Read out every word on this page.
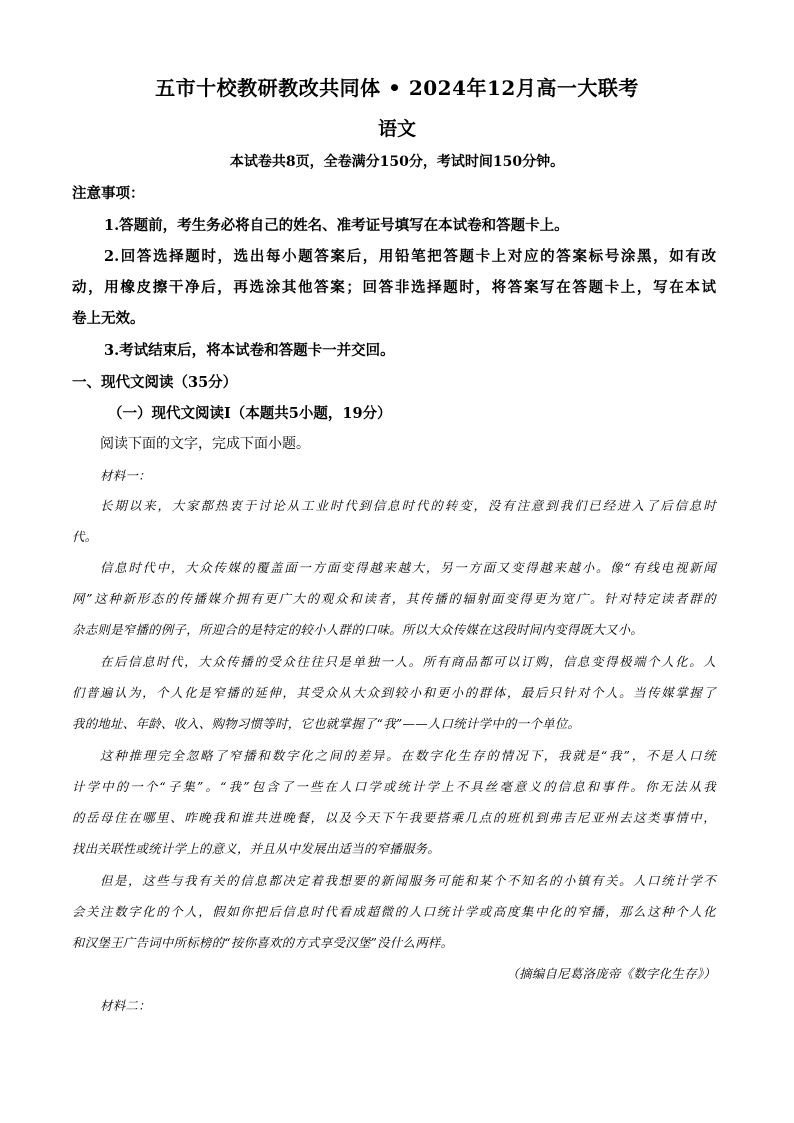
五市十校教研教改共同体 • 2024年12月高一大联考
语文
本试卷共8页，全卷满分150分，考试时间150分钟。
注意事项：
1.答题前，考生务必将自己的姓名、准考证号填写在本试卷和答题卡上。
2.回答选择题时，选出每小题答案后，用铅笔把答题卡上对应的答案标号涂黑，如有改
动，用橡皮擦干净后，再选涂其他答案；回答非选择题时，将答案写在答题卡上，写在本试
卷上无效。
3.考试结束后，将本试卷和答题卡一并交回。
一、现代文阅读（35分）
（一）现代文阅读Ⅰ（本题共5小题，19分）
阅读下面的文字，完成下面小题。
材料一：
长期以来，大家都热衷于讨论从工业时代到信息时代的转变，没有注意到我们已经进入了后信息时
代。
信息时代中，大众传媒的覆盖面一方面变得越来越大，另一方面又变得越来越小。像“有线电视新闻
网”这种新形态的传播媒介拥有更广大的观众和读者，其传播的辐射面变得更为宽广。针对特定读者群的
杂志则是窄播的例子，所迎合的是特定的较小人群的口味。所以大众传媒在这段时间内变得既大又小。
在后信息时代，大众传播的受众往往只是单独一人。所有商品都可以订购，信息变得极端个人化。人
们普遍认为，个人化是窄播的延伸，其受众从大众到较小和更小的群体，最后只针对个人。当传媒掌握了
我的地址、年龄、收入、购物习惯等时，它也就掌握了“我”——人口统计学中的一个单位。
这种推理完全忽略了窄播和数字化之间的差异。在数字化生存的情况下，我就是“我”，不是人口统
计学中的一个“子集”。“我”包含了一些在人口学或统计学上不具丝毫意义的信息和事件。你无法从我
的岳母住在哪里、昨晚我和谁共进晚餐，以及今天下午我要搭乘几点的班机到弗吉尼亚州去这类事情中，
找出关联性或统计学上的意义，并且从中发展出适当的窄播服务。
但是，这些与我有关的信息都决定着我想要的新闻服务可能和某个不知名的小镇有关。人口统计学不
会关注数字化的个人，假如你把后信息时代看成超微的人口统计学或高度集中化的窄播，那么这种个人化
和汉堡王广告词中所标榜的“按你喜欢的方式享受汉堡”没什么两样。
（摘编自尼葛洛庞帝《数字化生存》）
材料二：
